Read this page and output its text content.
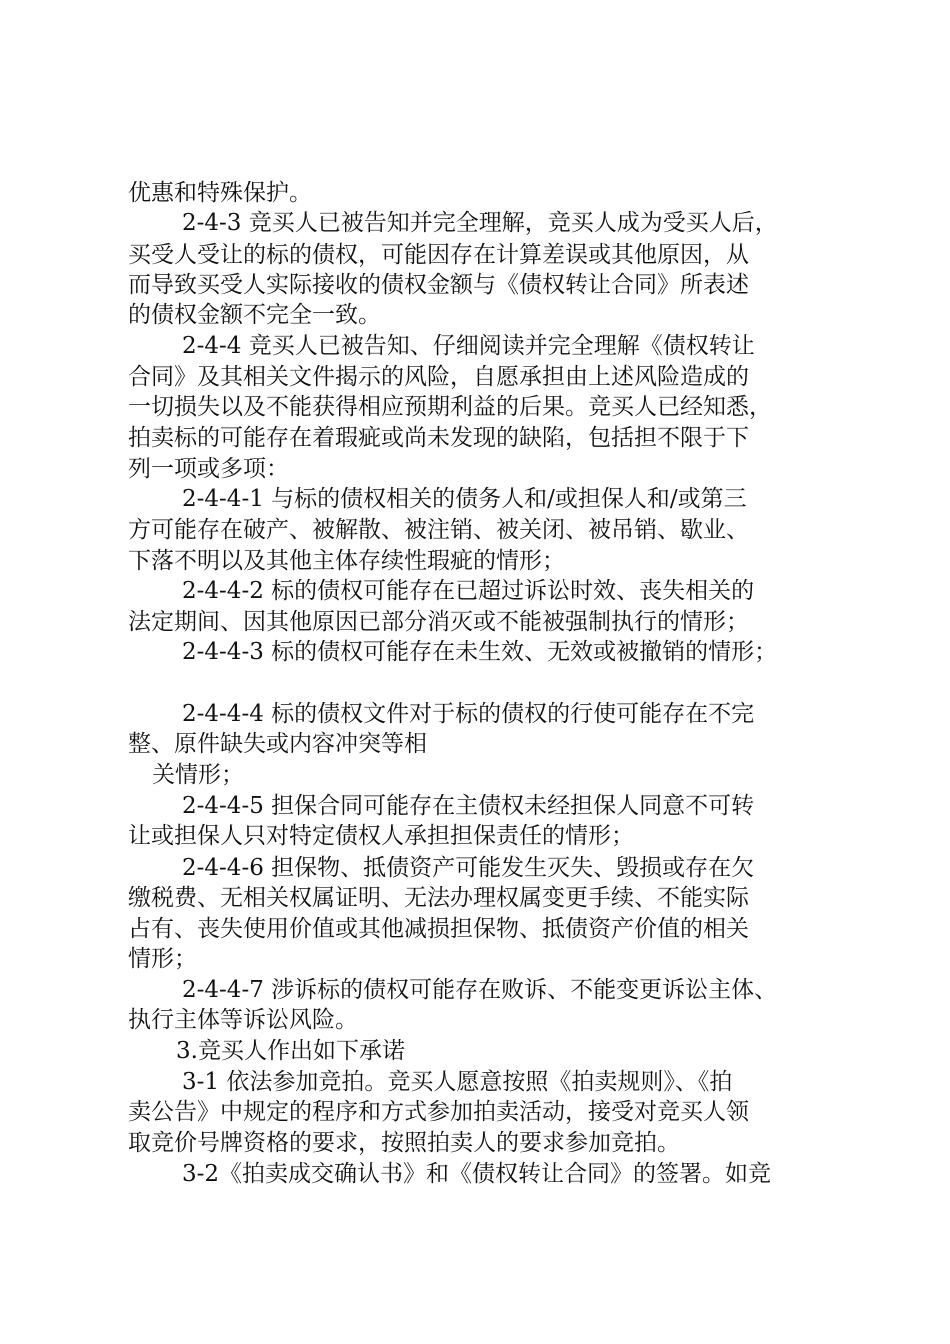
优惠和特殊保护。
2-4-3 竞买人已被告知并完全理解，竞买人成为受买人后，
买受人受让的标的债权，可能因存在计算差误或其他原因，从
而导致买受人实际接收的债权金额与《债权转让合同》所表述
的债权金额不完全一致。
2-4-4 竞买人已被告知、仔细阅读并完全理解《债权转让
合同》及其相关文件揭示的风险，自愿承担由上述风险造成的
一切损失以及不能获得相应预期利益的后果。竞买人已经知悉，
拍卖标的可能存在着瑕疵或尚未发现的缺陷，包括担不限于下
列一项或多项：
2-4-4-1 与标的债权相关的债务人和/或担保人和/或第三
方可能存在破产、被解散、被注销、被关闭、被吊销、歇业、
下落不明以及其他主体存续性瑕疵的情形；
2-4-4-2 标的债权可能存在已超过诉讼时效、丧失相关的
法定期间、因其他原因已部分消灭或不能被强制执行的情形；
2-4-4-3 标的债权可能存在未生效、无效或被撤销的情形；
2-4-4-4 标的债权文件对于标的债权的行使可能存在不完
整、原件缺失或内容冲突等相
关情形；
2-4-4-5 担保合同可能存在主债权未经担保人同意不可转
让或担保人只对特定债权人承担担保责任的情形；
2-4-4-6 担保物、抵债资产可能发生灭失、毁损或存在欠
缴税费、无相关权属证明、无法办理权属变更手续、不能实际
占有、丧失使用价值或其他减损担保物、抵债资产价值的相关
情形；
2-4-4-7 涉诉标的债权可能存在败诉、不能变更诉讼主体、
执行主体等诉讼风险。
3.竞买人作出如下承诺
3-1 依法参加竞拍。竞买人愿意按照《拍卖规则》、《拍
卖公告》中规定的程序和方式参加拍卖活动，接受对竞买人领
取竞价号牌资格的要求，按照拍卖人的要求参加竞拍。
3-2《拍卖成交确认书》和《债权转让合同》的签署。如竞
